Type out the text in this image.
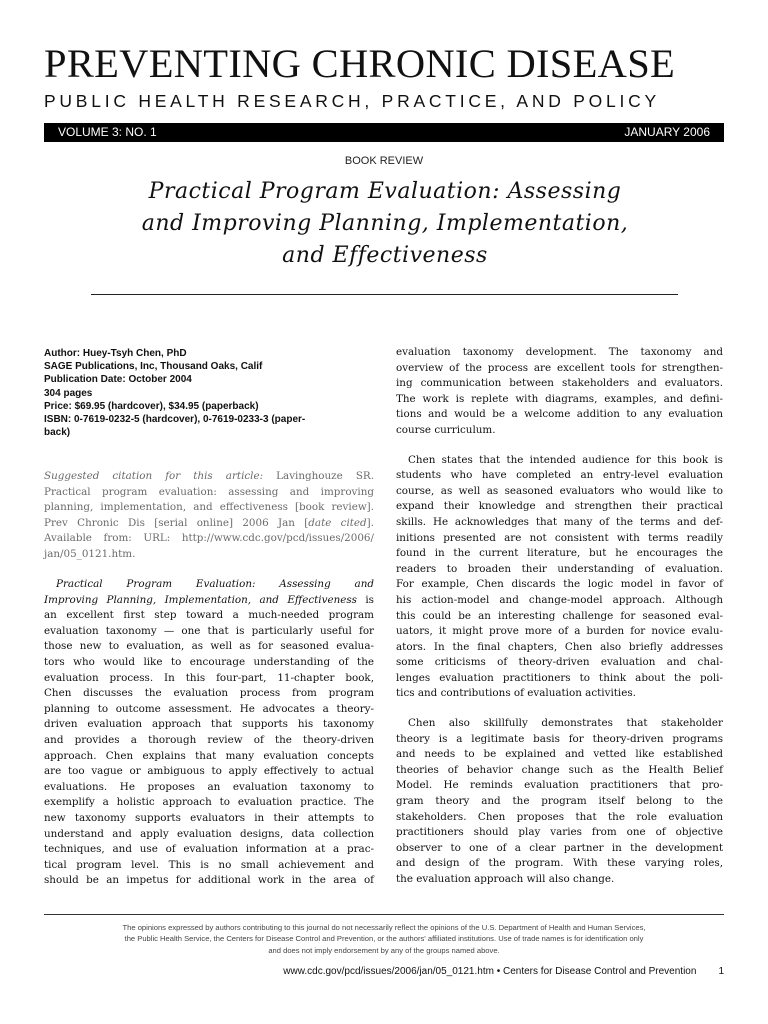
PREVENTING CHRONIC DISEASE
PUBLIC HEALTH RESEARCH, PRACTICE, AND POLICY
VOLUME 3: NO. 1	JANUARY 2006
BOOK REVIEW
Practical Program Evaluation: Assessing
and Improving Planning, Implementation,
and Effectiveness
Author: Huey-Tsyh Chen, PhD
SAGE Publications, Inc, Thousand Oaks, Calif
Publication Date: October 2004
304 pages
Price: $69.95 (hardcover), $34.95 (paperback)
ISBN: 0-7619-0232-5 (hardcover), 0-7619-0233-3 (paper-
back)
Suggested citation for this article: Lavinghouze SR.
Practical program evaluation: assessing and improving
planning, implementation, and effectiveness [book review].
Prev Chronic Dis [serial online] 2006 Jan [date cited].
Available from: URL: http://www.cdc.gov/pcd/issues/2006/
jan/05_0121.htm.
Practical Program Evaluation: Assessing and
Improving Planning, Implementation, and Effectiveness is
an excellent first step toward a much-needed program
evaluation taxonomy — one that is particularly useful for
those new to evaluation, as well as for seasoned evalua-
tors who would like to encourage understanding of the
evaluation process. In this four-part, 11-chapter book,
Chen discusses the evaluation process from program
planning to outcome assessment. He advocates a theory-
driven evaluation approach that supports his taxonomy
and provides a thorough review of the theory-driven
approach. Chen explains that many evaluation concepts
are too vague or ambiguous to apply effectively to actual
evaluations. He proposes an evaluation taxonomy to
exemplify a holistic approach to evaluation practice. The
new taxonomy supports evaluators in their attempts to
understand and apply evaluation designs, data collection
techniques, and use of evaluation information at a prac-
tical program level. This is no small achievement and
should be an impetus for additional work in the area of
evaluation taxonomy development. The taxonomy and
overview of the process are excellent tools for strengthen-
ing communication between stakeholders and evaluators.
The work is replete with diagrams, examples, and defini-
tions and would be a welcome addition to any evaluation
course curriculum.
Chen states that the intended audience for this book is
students who have completed an entry-level evaluation
course, as well as seasoned evaluators who would like to
expand their knowledge and strengthen their practical
skills. He acknowledges that many of the terms and def-
initions presented are not consistent with terms readily
found in the current literature, but he encourages the
readers to broaden their understanding of evaluation.
For example, Chen discards the logic model in favor of
his action-model and change-model approach. Although
this could be an interesting challenge for seasoned eval-
uators, it might prove more of a burden for novice evalu-
ators. In the final chapters, Chen also briefly addresses
some criticisms of theory-driven evaluation and chal-
lenges evaluation practitioners to think about the poli-
tics and contributions of evaluation activities.
Chen also skillfully demonstrates that stakeholder
theory is a legitimate basis for theory-driven programs
and needs to be explained and vetted like established
theories of behavior change such as the Health Belief
Model. He reminds evaluation practitioners that pro-
gram theory and the program itself belong to the
stakeholders. Chen proposes that the role evaluation
practitioners should play varies from one of objective
observer to one of a clear partner in the development
and design of the program. With these varying roles,
the evaluation approach will also change.
The opinions expressed by authors contributing to this journal do not necessarily reflect the opinions of the U.S. Department of Health and Human Services,
the Public Health Service, the Centers for Disease Control and Prevention, or the authors' affiliated institutions. Use of trade names is for identification only
and does not imply endorsement by any of the groups named above.
www.cdc.gov/pcd/issues/2006/jan/05_0121.htm • Centers for Disease Control and Prevention 1
